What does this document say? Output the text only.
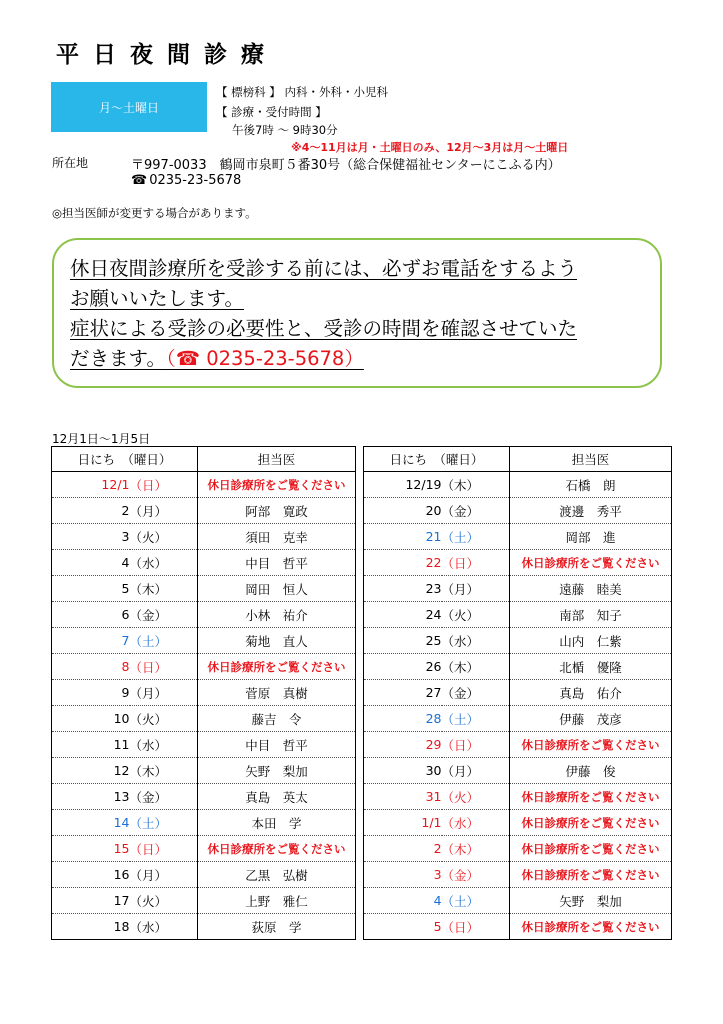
平日夜間診療
月～土曜日
【 標榜科 】 内科・外科・小児科
【 診療・受付時間 】
午後7時 ～ 9時30分
※4～11月は月・土曜日のみ、12月～3月は月～土曜日
所在地	〒997-0033　鶴岡市泉町５番30号（総合保健福祉センターにこふる内）
☎ 0235-23-5678
◎担当医師が変更する場合があります。
休日夜間診療所を受診する前には、必ずお電話をするよう
お願いいたします。
症状による受診の必要性と、受診の時間を確認させていた
だきます。（☎ 0235-23-5678）
12月1日～1月5日
日にち　（曜日）		担当医		日にち　（曜日）		担当医
12/1	（日）	休日診療所をご覧ください		12/19	（木）	石橋　朗
2	（月）	阿部　寛政		20	（金）	渡邊　秀平
3	（火）	須田　克幸		21	（土）	岡部　進
4	（水）	中目　哲平		22	（日）	休日診療所をご覧ください
5	（木）	岡田　恒人		23	（月）	遠藤　睦美
6	（金）	小林　祐介		24	（火）	南部　知子
7	（土）	菊地　直人		25	（水）	山内　仁紫
8	（日）	休日診療所をご覧ください		26	（木）	北楯　優隆
9	（月）	菅原　真樹		27	（金）	真島　佑介
10	（火）	藤吉　令		28	（土）	伊藤　茂彦
11	（水）	中目　哲平		29	（日）	休日診療所をご覧ください
12	（木）	矢野　梨加		30	（月）	伊藤　俊
13	（金）	真島　英太		31	（火）	休日診療所をご覧ください
14	（土）	本田　学		1/1	（水）	休日診療所をご覧ください
15	（日）	休日診療所をご覧ください		2	（木）	休日診療所をご覧ください
16	（月）	乙黒　弘樹		3	（金）	休日診療所をご覧ください
17	（火）	上野　雅仁		4	（土）	矢野　梨加
18	（水）	荻原　学		5	（日）	休日診療所をご覧ください
